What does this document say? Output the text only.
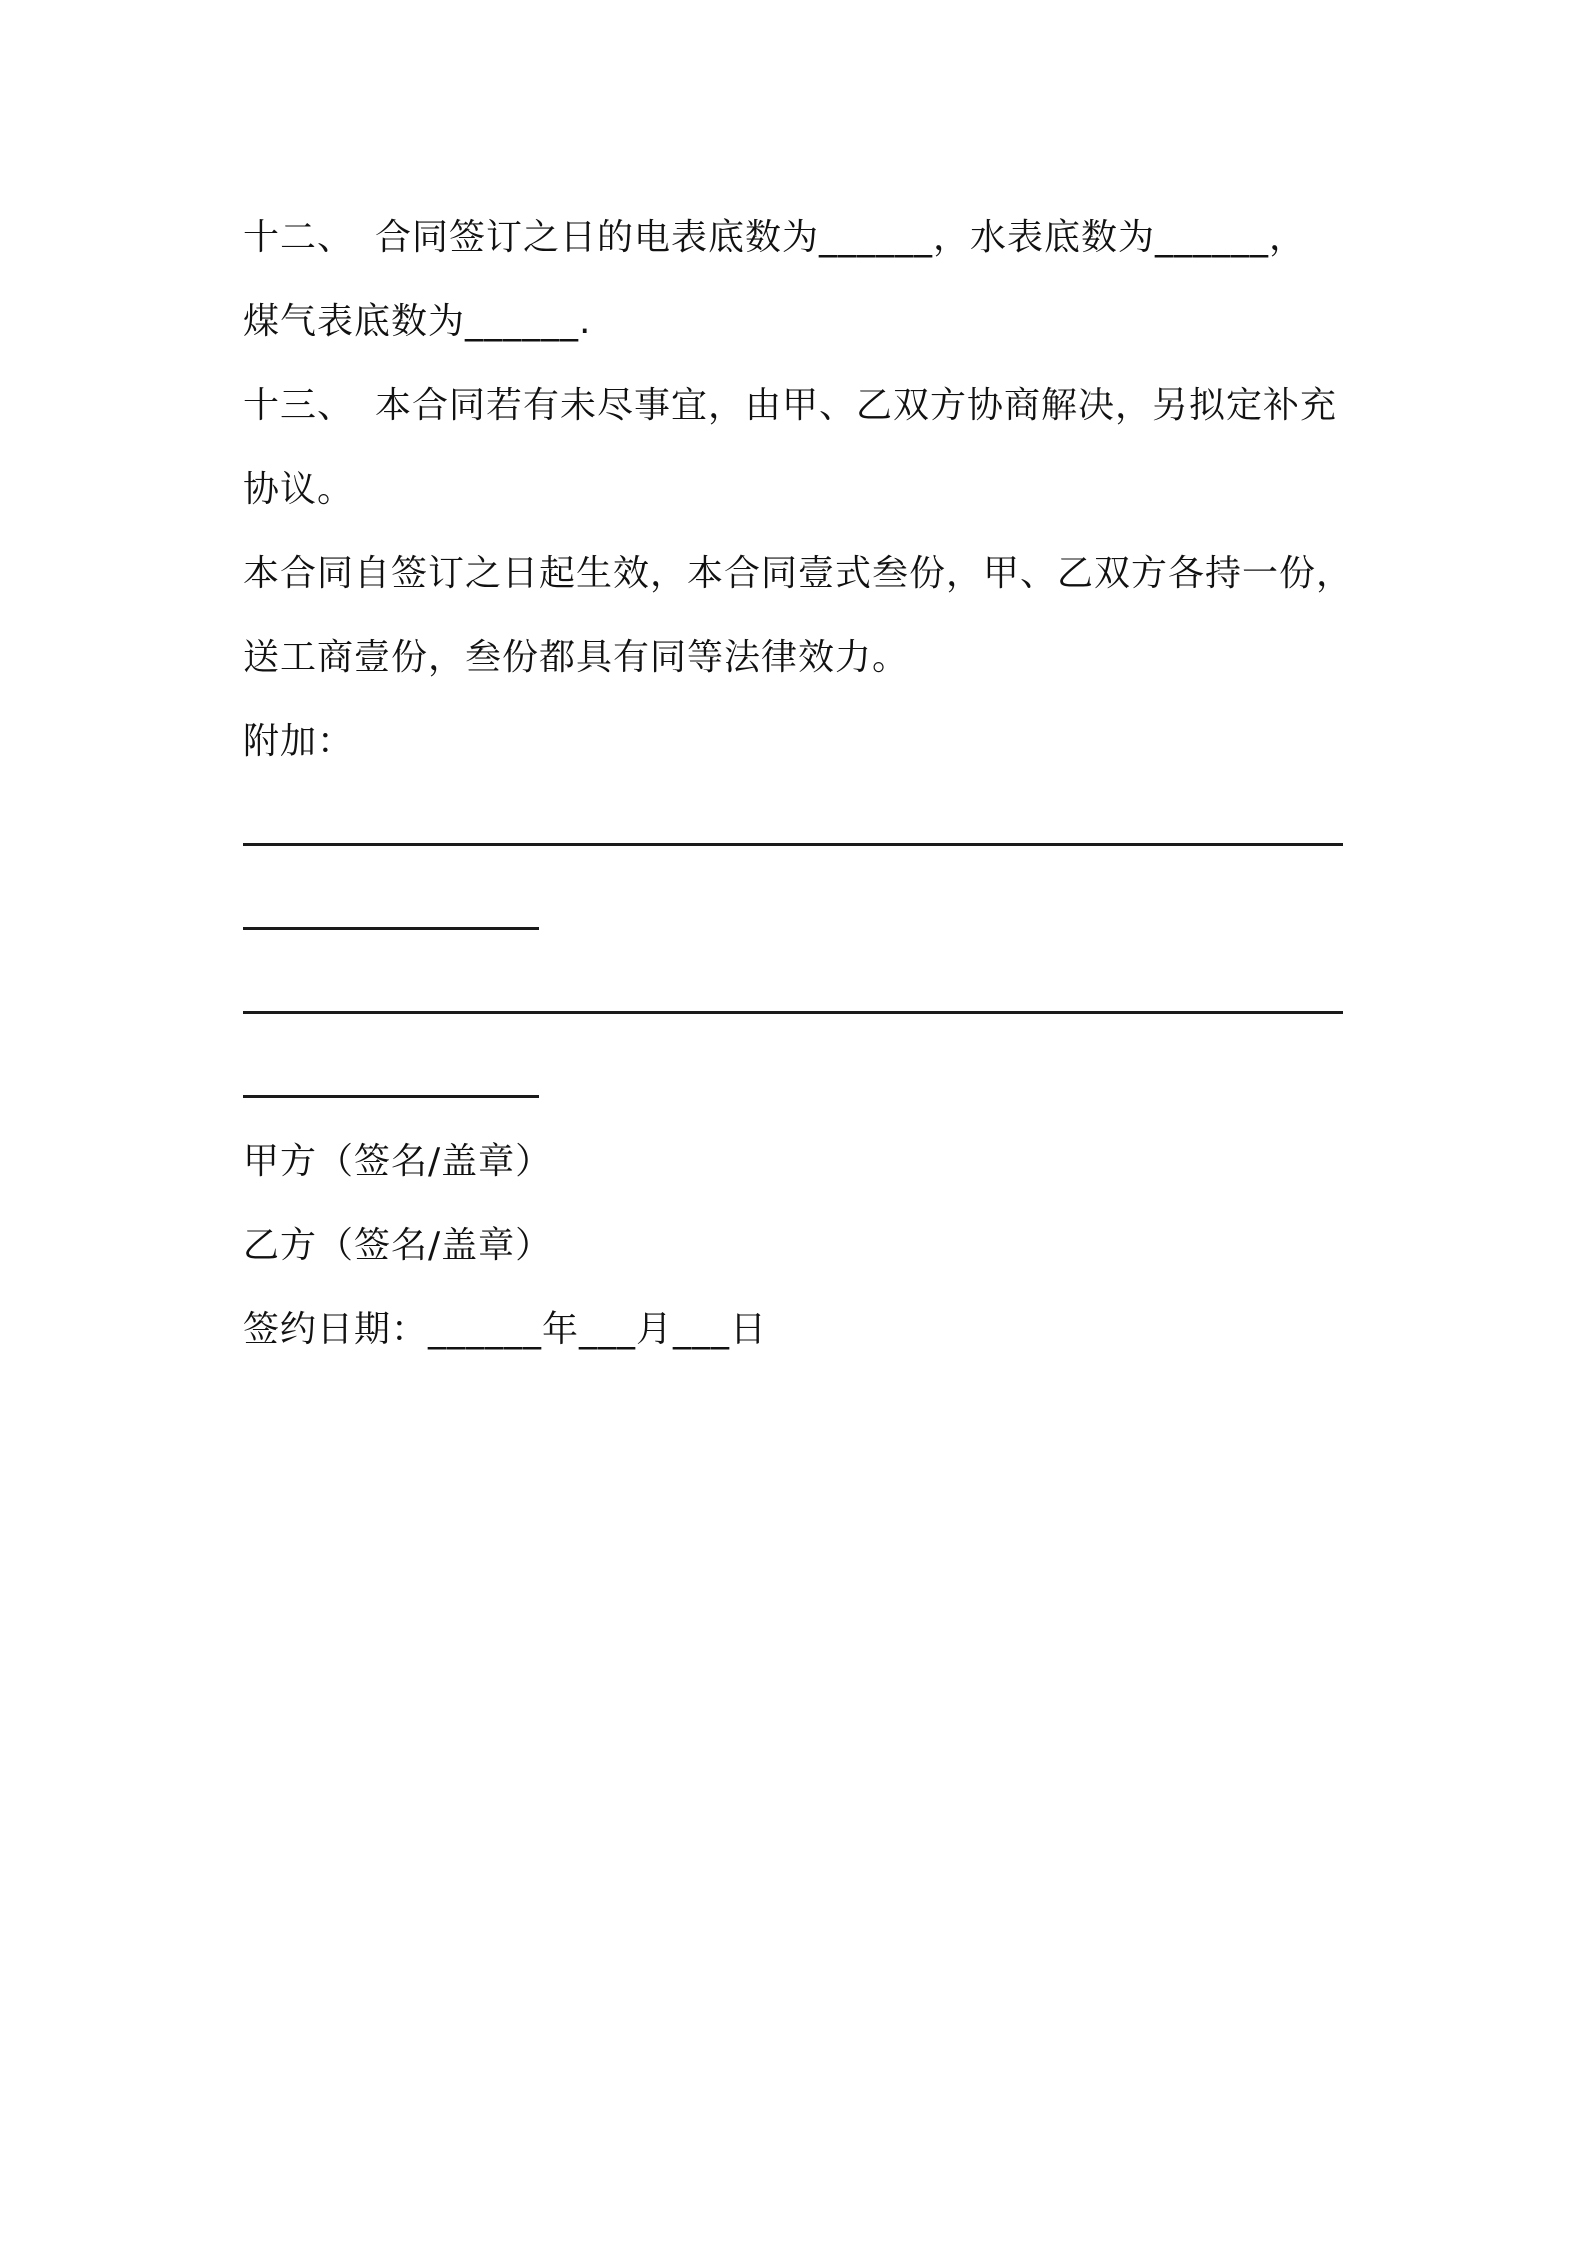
十二、 合同签订之日的电表底数为______，水表底数为______，
煤气表底数为______.
十三、 本合同若有未尽事宜，由甲、乙双方协商解决，另拟定补充
协议。
本合同自签订之日起生效，本合同壹式叁份，甲、乙双方各持一份，
送工商壹份，叁份都具有同等法律效力。
附加：
甲方（签名/盖章）
乙方（签名/盖章）
签约日期：______年___月___日
